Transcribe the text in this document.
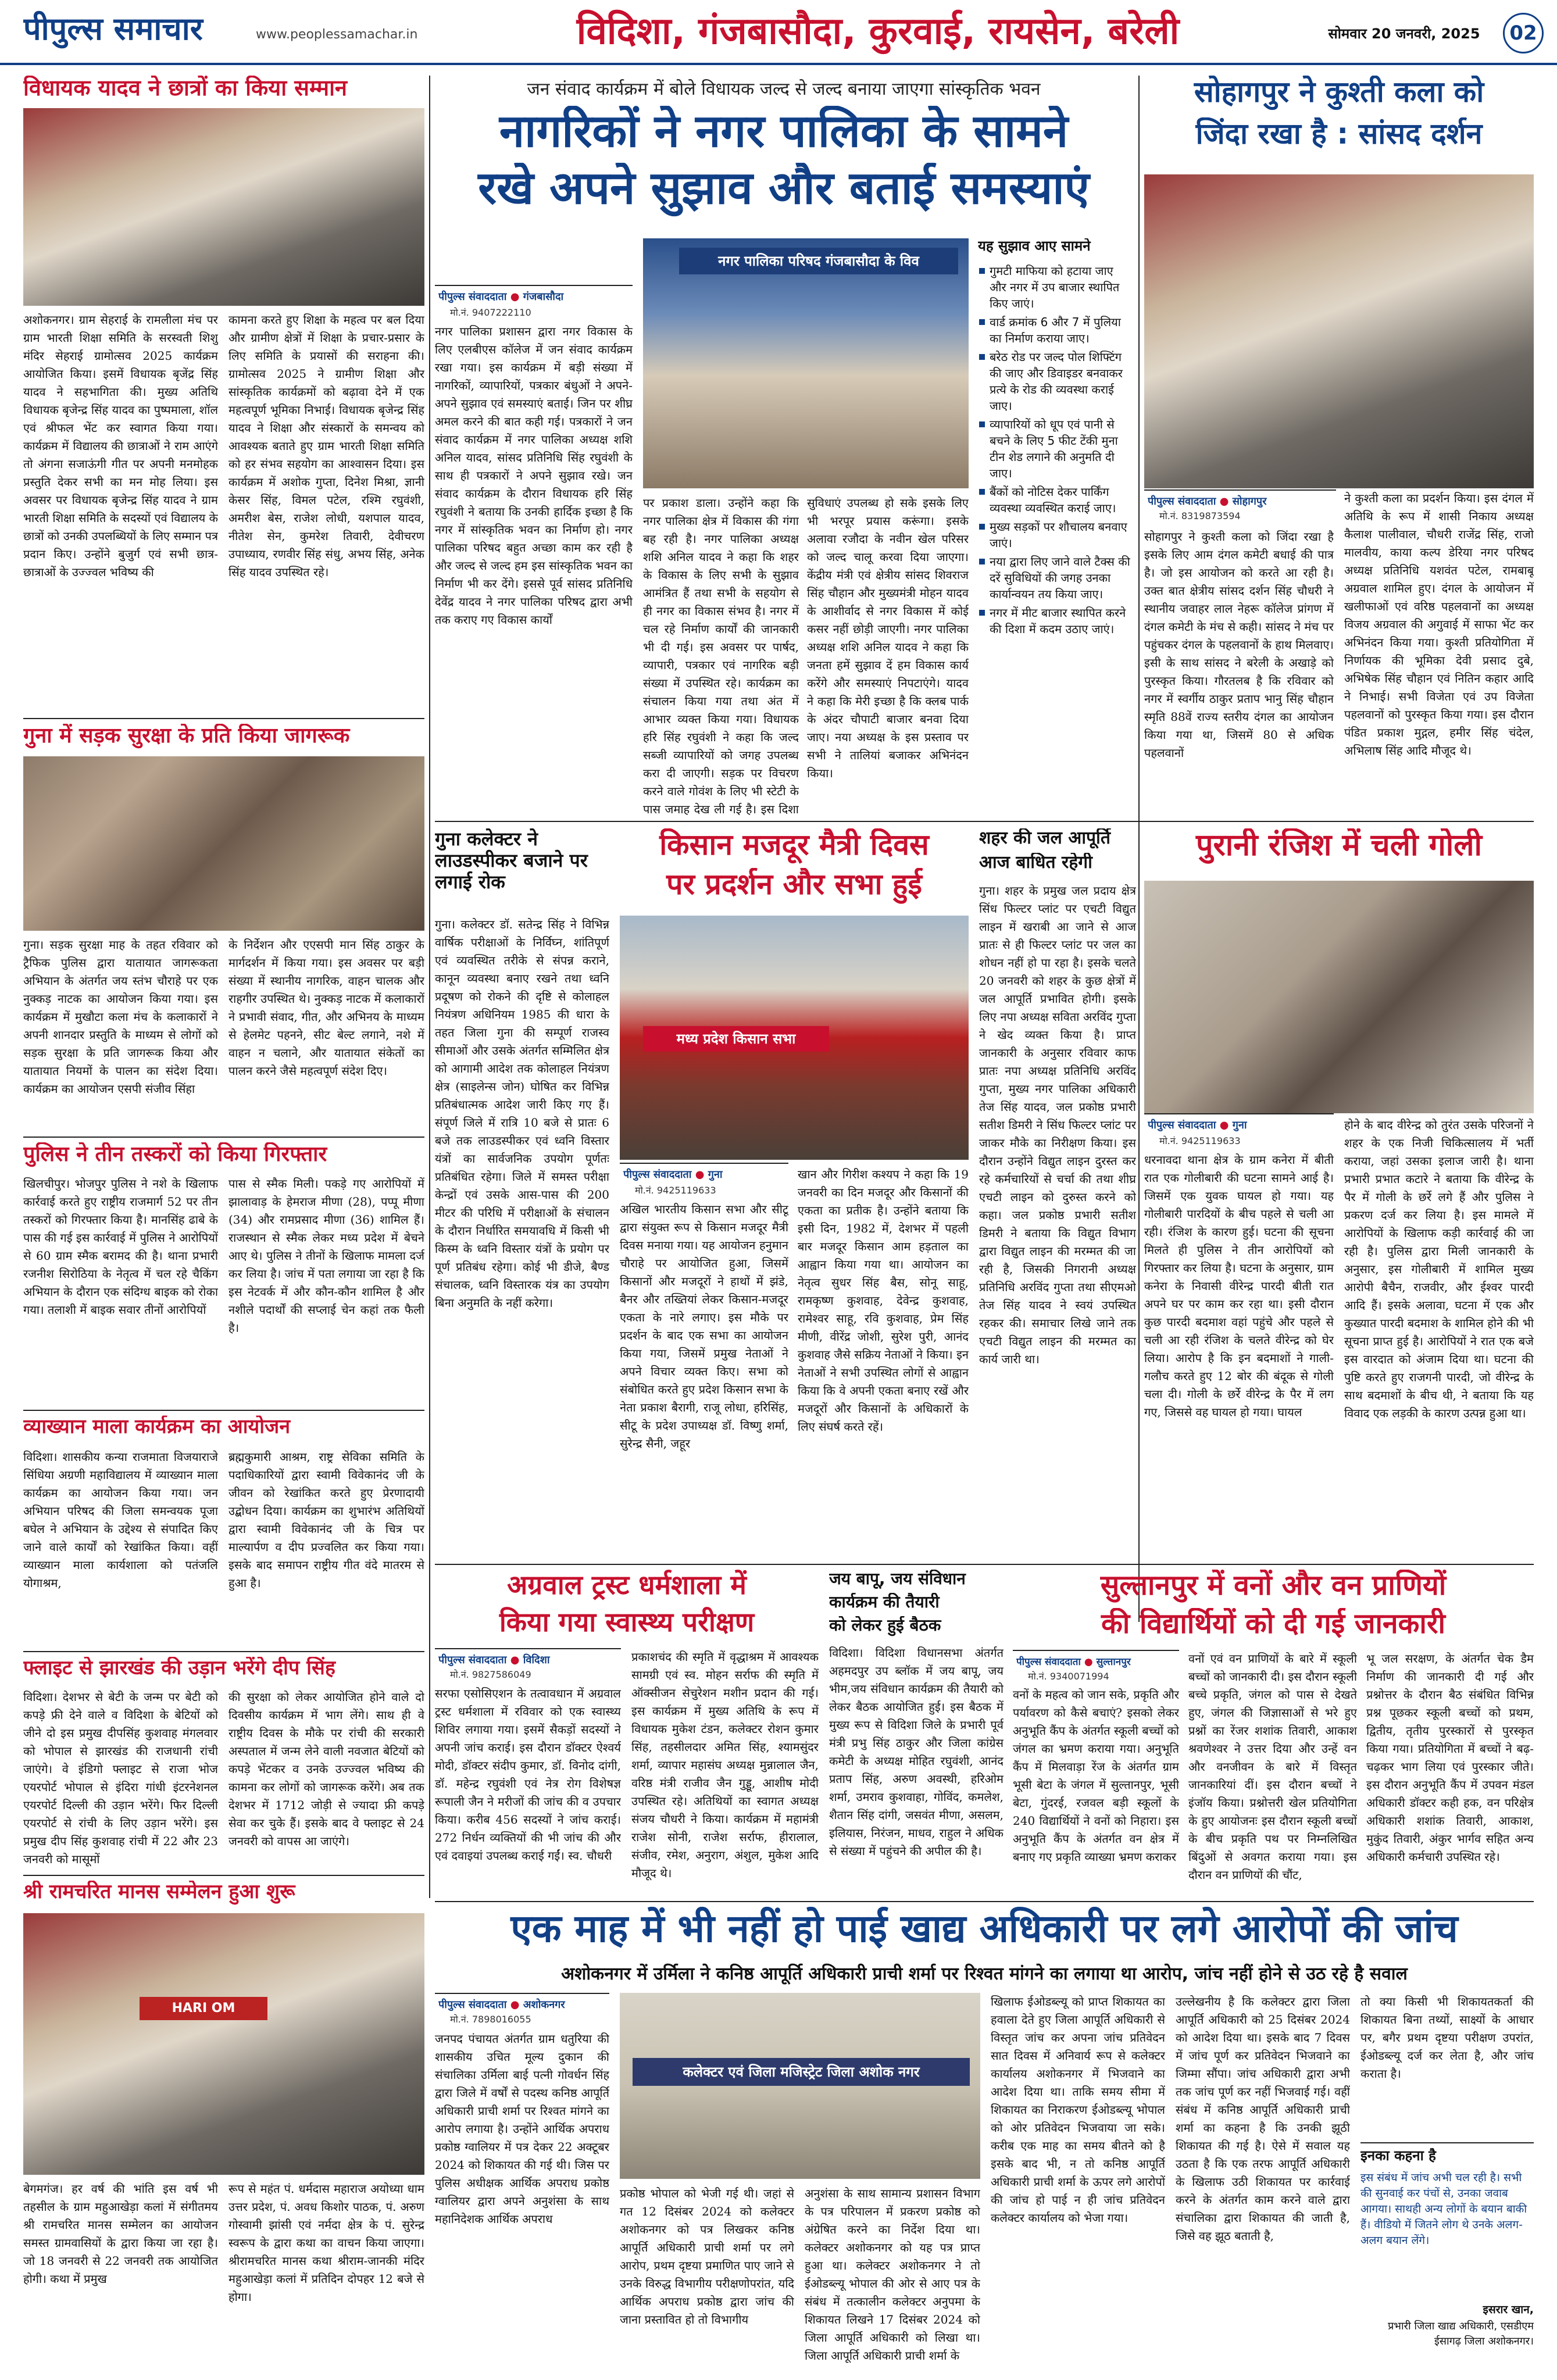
पीपुल्स समाचार	www.peoplessamachar.in	विदिशा, गंजबासौदा, कुरवाई, रायसेन, बरेली	सोमवार 20 जनवरी, 2025	02
विधायक यादव ने छात्रों का किया सम्मान

अशोकनगर। ग्राम सेहराई के रामलीला मंच पर ग्राम भारती शिक्षा समिति के सरस्वती शिशु मंदिर सेहराई ग्रामोत्सव 2025 कार्यक्रम आयोजित किया। इसमें विधायक बृजेंद्र सिंह यादव ने सहभागिता की। मुख्य अतिथि विधायक बृजेन्द्र सिंह यादव का पुष्पमाला, शॉल एवं श्रीफल भेंट कर स्वागत किया गया। कार्यक्रम में विद्यालय की छात्राओं ने राम आएंगे तो अंगना सजाऊंगी गीत पर अपनी मनमोहक प्रस्तुति देकर सभी का मन मोह लिया। इस अवसर पर विधायक बृजेन्द्र सिंह यादव ने ग्राम भारती शिक्षा समिति के सदस्यों एवं विद्यालय के छात्रों को उनकी उपलब्धियों के लिए सम्मान पत्र प्रदान किए। उन्होंने बुजुर्ग एवं सभी छात्र-छात्राओं के उज्ज्वल भविष्य की

कामना करते हुए शिक्षा के महत्व पर बल दिया और ग्रामीण क्षेत्रों में शिक्षा के प्रचार-प्रसार के लिए समिति के प्रयासों की सराहना की। ग्रामोत्सव 2025 ने ग्रामीण शिक्षा और सांस्कृतिक कार्यक्रमों को बढ़ावा देने में एक महत्वपूर्ण भूमिका निभाई। विधायक बृजेन्द्र सिंह यादव ने शिक्षा और संस्कारों के समन्वय को आवश्यक बताते हुए ग्राम भारती शिक्षा समिति को हर संभव सहयोग का आश्वासन दिया। इस कार्यक्रम में अशोक गुप्ता, दिनेश मिश्रा, ज्ञानी केसर सिंह, विमल पटेल, रश्मि रघुवंशी, अमरीश बेस, राजेश लोधी, यशपाल यादव, नीतेश सेन, कुमरेश तिवारी, देवीचरण उपाध्याय, रणवीर सिंह संधु, अभय सिंह, अनेक सिंह यादव उपस्थित रहे।

गुना में सड़क सुरक्षा के प्रति किया जागरूक

गुना। सड़क सुरक्षा माह के तहत रविवार को ट्रैफिक पुलिस द्वारा यातायात जागरूकता अभियान के अंतर्गत जय स्तंभ चौराहे पर एक नुक्कड़ नाटक का आयोजन किया गया। इस कार्यक्रम में मुखौटा कला मंच के कलाकारों ने अपनी शानदार प्रस्तुति के माध्यम से लोगों को सड़क सुरक्षा के प्रति जागरूक किया और यातायात नियमों के पालन का संदेश दिया। कार्यक्रम का आयोजन एसपी संजीव सिंहा

के निर्देशन और एएसपी मान सिंह ठाकुर के मार्गदर्शन में किया गया। इस अवसर पर बड़ी संख्या में स्थानीय नागरिक, वाहन चालक और राहगीर उपस्थित थे। नुक्कड़ नाटक में कलाकारों ने प्रभावी संवाद, गीत, और अभिनय के माध्यम से हेलमेट पहनने, सीट बेल्ट लगाने, नशे में वाहन न चलाने, और यातायात संकेतों का पालन करने जैसे महत्वपूर्ण संदेश दिए।

पुलिस ने तीन तस्करों को किया गिरफ्तार

खिलचीपुर। भोजपुर पुलिस ने नशे के खिलाफ कार्रवाई करते हुए राष्ट्रीय राजमार्ग 52 पर तीन तस्करों को गिरफ्तार किया है। मानसिंह ढाबे के पास की गई इस कार्रवाई में पुलिस ने आरोपियों से 60 ग्राम स्मैक बरामद की है। थाना प्रभारी रजनीश सिरोठिया के नेतृत्व में चल रहे चैकिंग अभियान के दौरान एक संदिग्ध बाइक को रोका गया। तलाशी में बाइक सवार तीनों आरोपियों

पास से स्मैक मिली। पकड़े गए आरोपियों में झालावाड़ के हेमराज मीणा (28), पप्पू मीणा (34) और रामप्रसाद मीणा (36) शामिल हैं। राजस्थान से स्मैक लेकर मध्य प्रदेश में बेचने आए थे। पुलिस ने तीनों के खिलाफ मामला दर्ज कर लिया है। जांच में पता लगाया जा रहा है कि इस नेटवर्क में और कौन-कौन शामिल है और नशीले पदार्थों की सप्लाई चेन कहां तक फैली है।

व्याख्यान माला कार्यक्रम का आयोजन

विदिशा। शासकीय कन्या राजमाता विजयाराजे सिंधिया अग्रणी महाविद्यालय में व्याख्यान माला कार्यक्रम का आयोजन किया गया। जन अभियान परिषद की जिला समन्वयक पूजा बघेल ने अभियान के उद्देश्य से संपादित किए जाने वाले कार्यों को रेखांकित किया। वहीं व्याख्यान माला कार्यशाला को पतंजलि योगाश्रम,

ब्रह्मकुमारी आश्रम, राष्ट्र सेविका समिति के पदाधिकारियों द्वारा स्वामी विवेकानंद जी के जीवन को रेखांकित करते हुए प्रेरणादायी उद्बोधन दिया। कार्यक्रम का शुभारंभ अतिथियों द्वारा स्वामी विवेकानंद जी के चित्र पर माल्यार्पण व दीप प्रज्वलित कर किया गया। इसके बाद समापन राष्ट्रीय गीत वंदे मातरम से हुआ है।

फ्लाइट से झारखंड की उड़ान भरेंगे दीप सिंह

विदिशा। देशभर से बेटी के जन्म पर बेटी को कपड़े फ्री देने वाले व विदिशा के बेटियों को जीने दो इस प्रमुख दीपसिंह कुशवाह मंगलवार को भोपाल से झारखंड की राजधानी रांची जाएंगे। वे इंडिगो फ्लाइट से राजा भोज एयरपोर्ट भोपाल से इंदिरा गांधी इंटरनेशनल एयरपोर्ट दिल्ली की उड़ान भरेंगे। फिर दिल्ली एयरपोर्ट से रांची के लिए उड़ान भरेंगे। इस प्रमुख दीप सिंह कुशवाह रांची में 22 और 23 जनवरी को मासूमों

की सुरक्षा को लेकर आयोजित होने वाले दो दिवसीय कार्यक्रम में भाग लेंगे। साथ ही वे राष्ट्रीय दिवस के मौके पर रांची की सरकारी अस्पताल में जन्म लेने वाली नवजात बेटियों को कपड़े भेंटकर व उनके उज्ज्वल भविष्य की कामना कर लोगों को जागरूक करेंगे। अब तक देशभर में 1712 जोड़ी से ज्यादा फ्री कपड़े सेवा कर चुके हैं। इसके बाद वे फ्लाइट से 24 जनवरी को वापस आ जाएंगे।

श्री रामचरित मानस सम्मेलन हुआ शुरू
HARI OM

बेगमगंज। हर वर्ष की भांति इस वर्ष भी तहसील के ग्राम महुआखेड़ा कलां में संगीतमय श्री रामचरित मानस सम्मेलन का आयोजन समस्त ग्रामवासियों के द्वारा किया जा रहा है। जो 18 जनवरी से 22 जनवरी तक आयोजित होगी। कथा में प्रमुख

रूप से महंत पं. धर्मदास महाराज अयोध्या धाम उत्तर प्रदेश, पं. अवध किशोर पाठक, पं. अरुण गोस्वामी झांसी एवं नर्मदा क्षेत्र के पं. सुरेन्द्र स्वरूप के द्वारा कथा का वाचन किया जाएगा। श्रीरामचरित मानस कथा श्रीराम-जानकी मंदिर महुआखेड़ा कलां में प्रतिदिन दोपहर 12 बजे से होगा।

जन संवाद कार्यक्रम में बोले विधायक जल्द से जल्द बनाया जाएगा सांस्कृतिक भवन
नागरिकों ने नगर पालिका के सामने
रखे अपने सुझाव और बताई समस्याएं
पीपुल्स संवाददाता ● गंजबासौदा
मो.नं. 9407222110

नगर पालिका प्रशासन द्वारा नगर विकास के लिए एलबीएस कॉलेज में जन संवाद कार्यक्रम रखा गया। इस कार्यक्रम में बड़ी संख्या में नागरिकों, व्यापारियों, पत्रकार बंधुओं ने अपने-अपने सुझाव एवं समस्याएं बताई। जिन पर शीघ्र अमल करने की बात कही गई। पत्रकारों ने जन संवाद कार्यक्रम में नगर पालिका अध्यक्ष शशि अनिल यादव, सांसद प्रतिनिधि सिंह रघुवंशी के साथ ही पत्रकारों ने अपने सुझाव रखे। जन संवाद कार्यक्रम के दौरान विधायक हरि सिंह रघुवंशी ने बताया कि उनकी हार्दिक इच्छा है कि नगर में सांस्कृतिक भवन का निर्माण हो। नगर पालिका परिषद बहुत अच्छा काम कर रही है और जल्द से जल्द हम इस सांस्कृतिक भवन का निर्माण भी कर देंगे। इससे पूर्व सांसद प्रतिनिधि देवेंद्र यादव ने नगर पालिका परिषद द्वारा अभी तक कराए गए विकास कार्यों

नगर पालिका परिषद गंजबासौदा के विव

पर प्रकाश डाला। उन्होंने कहा कि नगर पालिका क्षेत्र में विकास की गंगा बह रही है। नगर पालिका अध्यक्ष शशि अनिल यादव ने कहा कि शहर के विकास के लिए सभी के सुझाव आमंत्रित हैं तथा सभी के सहयोग से ही नगर का विकास संभव है। नगर में चल रहे निर्माण कार्यों की जानकारी भी दी गई। इस अवसर पर पार्षद, व्यापारी, पत्रकार एवं नागरिक बड़ी संख्या में उपस्थित रहे। कार्यक्रम का संचालन किया गया तथा अंत में आभार व्यक्त किया गया। विधायक हरि सिंह रघुवंशी ने कहा कि जल्द सब्जी व्यापारियों को जगह उपलब्ध करा दी जाएगी। सड़क पर विचरण करने वाले गोवंश के लिए भी स्टेटी के पास जमाह देख ली गई है। इस दिशा

सुविधाएं उपलब्ध हो सके इसके लिए भी भरपूर प्रयास करूंगा। इसके अलावा रजौदा के नवीन खेल परिसर को जल्द चालू करवा दिया जाएगा। केंद्रीय मंत्री एवं क्षेत्रीय सांसद शिवराज सिंह चौहान और मुख्यमंत्री मोहन यादव के आशीर्वाद से नगर विकास में कोई कसर नहीं छोड़ी जाएगी। नगर पालिका अध्यक्ष शशि अनिल यादव ने कहा कि जनता हमें सुझाव दें हम विकास कार्य करेंगे और समस्याएं निपटाएंगे। यादव ने कहा कि मेरी इच्छा है कि क्लब पार्क के अंदर चौपाटी बाजार बनवा दिया जाए। नया अध्यक्ष के इस प्रस्ताव पर सभी ने तालियां बजाकर अभिनंदन किया।

यह सुझाव आए सामने
गुमटी माफिया को हटाया जाए और नगर में उप बाजार स्थापित किए जाएं।
वार्ड क्रमांक 6 और 7 में पुलिया का निर्माण कराया जाए।
बरेठ रोड पर जल्द पोल शिफ्टिंग की जाए और डिवाइडर बनवाकर प्रत्ये के रोड की व्यवस्था कराई जाए।
व्यापारियों को धूप एवं पानी से बचने के लिए 5 फीट टेंकी मुना टीन शेड लगाने की अनुमति दी जाए।
बैंकों को नोटिस देकर पार्किंग व्यवस्था व्यवस्थित कराई जाए।
मुख्य सड़कों पर शौचालय बनवाए जाएं।
नया द्वारा लिए जाने वाले टैक्स की दरें सुविधियों की जगह उनका कार्यान्वयन तय किया जाए।
नगर में मीट बाजार स्थापित करने की दिशा में कदम उठाए जाएं।
सोहागपुर ने कुश्ती कला को
जिंदा रखा है : सांसद दर्शन
पीपुल्स संवाददाता ● सोहागपुर
मो.नं. 8319873594

सोहागपुर ने कुश्ती कला को जिंदा रखा है इसके लिए आम दंगल कमेटी बधाई की पात्र है। जो इस आयोजन को करते आ रही है। उक्त बात क्षेत्रीय सांसद दर्शन सिंह चौधरी ने स्थानीय जवाहर लाल नेहरू कॉलेज प्रांगण में दंगल कमेटी के मंच से कही। सांसद ने मंच पर पहुंचकर दंगल के पहलवानों के हाथ मिलवाए। इसी के साथ सांसद ने बरेली के अखाड़े को पुरस्कृत किया। गौरतलब है कि रविवार को नगर में स्वर्गीय ठाकुर प्रताप भानु सिंह चौहान स्मृति 88वें राज्य स्तरीय दंगल का आयोजन किया गया था, जिसमें 80 से अधिक पहलवानों

ने कुश्ती कला का प्रदर्शन किया। इस दंगल में अतिथि के रूप में शासी निकाय अध्यक्ष कैलाश पालीवाल, चौधरी राजेंद्र सिंह, राजो मालवीय, काया कल्प डेरिया नगर परिषद अध्यक्ष प्रतिनिधि यशवंत पटेल, रामबाबू अग्रवाल शामिल हुए। दंगल के आयोजन में खलीफाओं एवं वरिष्ठ पहलवानों का अध्यक्ष विजय अग्रवाल की अगुवाई में साफा भेंट कर अभिनंदन किया गया। कुश्ती प्रतियोगिता में निर्णायक की भूमिका देवी प्रसाद दुबे, अभिषेक सिंह चौहान एवं नितिन कहार आदि ने निभाई। सभी विजेता एवं उप विजेता पहलवानों को पुरस्कृत किया गया। इस दौरान पंडित प्रकाश मुद्गल, हमीर सिंह चंदेल, अभिलाष सिंह आदि मौजूद थे।

गुना कलेक्टर ने लाउडस्पीकर बजाने पर लगाई रोक

गुना। कलेक्टर डॉ. सतेन्द्र सिंह ने विभिन्न वार्षिक परीक्षाओं के निर्विघ्न, शांतिपूर्ण एवं व्यवस्थित तरीके से संपन्न कराने, कानून व्यवस्था बनाए रखने तथा ध्वनि प्रदूषण को रोकने की दृष्टि से कोलाहल नियंत्रण अधिनियम 1985 की धारा के तहत जिला गुना की सम्पूर्ण राजस्व सीमाओं और उसके अंतर्गत सम्मिलित क्षेत्र को आगामी आदेश तक कोलाहल नियंत्रण क्षेत्र (साइलेन्स जोन) घोषित कर विभिन्न प्रतिबंधात्मक आदेश जारी किए गए हैं। संपूर्ण जिले में रात्रि 10 बजे से प्रातः 6 बजे तक लाउडस्पीकर एवं ध्वनि विस्तार यंत्रों का सार्वजनिक उपयोग पूर्णतः प्रतिबंधित रहेगा। जिले में समस्त परीक्षा केन्द्रों एवं उसके आस-पास की 200 मीटर की परिधि में परीक्षाओं के संचालन के दौरान निर्धारित समयावधि में किसी भी किस्म के ध्वनि विस्तार यंत्रों के प्रयोग पर पूर्ण प्रतिबंध रहेगा। कोई भी डीजे, बैण्ड संचालक, ध्वनि विस्तारक यंत्र का उपयोग बिना अनुमति के नहीं करेगा।

किसान मजदूर मैत्री दिवस
पर प्रदर्शन और सभा हुई
मध्य प्रदेश किसान सभा
पीपुल्स संवाददाता ● गुना
मो.नं. 9425119633

अखिल भारतीय किसान सभा और सीटू द्वारा संयुक्त रूप से किसान मजदूर मैत्री दिवस मनाया गया। यह आयोजन हनुमान चौराहे पर आयोजित हुआ, जिसमें किसानों और मजदूरों ने हाथों में झंडे, बैनर और तख्तियां लेकर किसान-मजदूर एकता के नारे लगाए। इस मौके पर प्रदर्शन के बाद एक सभा का आयोजन किया गया, जिसमें प्रमुख नेताओं ने अपने विचार व्यक्त किए। सभा को संबोधित करते हुए प्रदेश किसान सभा के नेता प्रकाश बैरागी, राजू लोधा, हरिसिंह, सीटू के प्रदेश उपाध्यक्ष डॉ. विष्णु शर्मा, सुरेन्द्र सैनी, जहूर

खान और गिरीश कश्यप ने कहा कि 19 जनवरी का दिन मजदूर और किसानों की एकता का प्रतीक है। उन्होंने बताया कि इसी दिन, 1982 में, देशभर में पहली बार मजदूर किसान आम हड़ताल का आह्वान किया गया था। आयोजन का नेतृत्व सुधर सिंह बैस, सोनू साहू, रामकृष्ण कुशवाह, देवेन्द्र कुशवाह, रामेश्वर साहू, रवि कुशवाह, प्रेम सिंह मीणी, वीरेंद्र जोशी, सुरेश पुरी, आनंद कुशवाह जैसे सक्रिय नेताओं ने किया। इन नेताओं ने सभी उपस्थित लोगों से आह्वान किया कि वे अपनी एकता बनाए रखें और मजदूरों और किसानों के अधिकारों के लिए संघर्ष करते रहें।

शहर की जल आपूर्ति
आज बाधित रहेगी

गुना। शहर के प्रमुख जल प्रदाय क्षेत्र सिंध फिल्टर प्लांट पर एचटी विद्युत लाइन में खराबी आ जाने से आज प्रातः से ही फिल्टर प्लांट पर जल का शोधन नहीं हो पा रहा है। इसके चलते 20 जनवरी को शहर के कुछ क्षेत्रों में जल आपूर्ति प्रभावित होगी। इसके लिए नपा अध्यक्ष सविता अरविंद गुप्ता ने खेद व्यक्त किया है। प्राप्त जानकारी के अनुसार रविवार काफ प्रातः नपा अध्यक्ष प्रतिनिधि अरविंद गुप्ता, मुख्य नगर पालिका अधिकारी तेज सिंह यादव, जल प्रकोष्ठ प्रभारी सतीश डिमरी ने सिंध फिल्टर प्लांट पर जाकर मौके का निरीक्षण किया। इस दौरान उन्होंने विद्युत लाइन दुरस्त कर रहे कर्मचारियों से चर्चा की तथा शीघ्र एचटी लाइन को दुरुस्त करने को कहा। जल प्रकोष्ठ प्रभारी सतीश डिमरी ने बताया कि विद्युत विभाग द्वारा विद्युत लाइन की मरम्मत की जा रही है, जिसकी निगरानी अध्यक्ष प्रतिनिधि अरविंद गुप्ता तथा सीएमओ तेज सिंह यादव ने स्वयं उपस्थित रहकर की। समाचार लिखे जाने तक एचटी विद्युत लाइन की मरम्मत का कार्य जारी था।

पुरानी रंजिश में चली गोली
पीपुल्स संवाददाता ● गुना
मो.नं. 9425119633

धरनावदा थाना क्षेत्र के ग्राम कनेरा में बीती रात एक गोलीबारी की घटना सामने आई है। जिसमें एक युवक घायल हो गया। यह गोलीबारी पारदियों के बीच पहले से चली आ रही। रंजिश के कारण हुई। घटना की सूचना मिलते ही पुलिस ने तीन आरोपियों को गिरफ्तार कर लिया है। घटना के अनुसार, ग्राम कनेरा के निवासी वीरेन्द्र पारदी बीती रात अपने घर पर काम कर रहा था। इसी दौरान कुछ पारदी बदमाश वहां पहुंचे और पहले से चली आ रही रंजिश के चलते वीरेन्द्र को घेर लिया। आरोप है कि इन बदमाशों ने गाली-गलौच करते हुए 12 बोर की बंदूक से गोली चला दी। गोली के छर्रे वीरेन्द्र के पैर में लग गए, जिससे वह घायल हो गया। घायल

होने के बाद वीरेन्द्र को तुरंत उसके परिजनों ने शहर के एक निजी चिकित्सालय में भर्ती कराया, जहां उसका इलाज जारी है। थाना प्रभारी प्रभात कटारे ने बताया कि वीरेन्द्र के पैर में गोली के छर्रे लगे हैं और पुलिस ने प्रकरण दर्ज कर लिया है। इस मामले में आरोपियों के खिलाफ कड़ी कार्रवाई की जा रही है। पुलिस द्वारा मिली जानकारी के अनुसार, इस गोलीबारी में शामिल मुख्य आरोपी बैचैन, राजवीर, और ईश्वर पारदी आदि हैं। इसके अलावा, घटना में एक और कुख्यात पारदी बदमाश के शामिल होने की भी सूचना प्राप्त हुई है। आरोपियों ने रात एक बजे इस वारदात को अंजाम दिया था। घटना की पुष्टि करते हुए राजगनी पारदी, जो वीरेन्द्र के साथ बदमाशों के बीच थी, ने बताया कि यह विवाद एक लड़की के कारण उत्पन्न हुआ था।

अग्रवाल ट्रस्ट धर्मशाला में
किया गया स्वास्थ्य परीक्षण
पीपुल्स संवाददाता ● विदिशा
मो.नं. 9827586049

सरफा एसोसिएशन के तत्वावधान में अग्रवाल ट्रस्ट धर्मशाला में रविवार को एक स्वास्थ्य शिविर लगाया गया। इसमें सैकड़ों सदस्यों ने अपनी जांच कराई। इस दौरान डॉक्टर ऐश्वर्य मोदी, डॉक्टर संदीप कुमार, डॉ. विनोद दांगी, डॉ. महेन्द्र रघुवंशी एवं नेत्र रोग विशेषज्ञ रूपाली जैन ने मरीजों की जांच की व उपचार किया। करीब 456 सदस्यों ने जांच कराई। 272 निर्धन व्यक्तियों की भी जांच की और एवं दवाइयां उपलब्ध कराई गईं। स्व. चौधरी

प्रकाशचंद की स्मृति में वृद्धाश्रम में आवश्यक सामग्री एवं स्व. मोहन सर्राफ की स्मृति में ऑक्सीजन सेचुरेशन मशीन प्रदान की गई। इस कार्यक्रम में मुख्य अतिथि के रूप में विधायक मुकेश टंडन, कलेक्टर रोशन कुमार सिंह, तहसीलदार अमित सिंह, श्यामसुंदर शर्मा, व्यापार महासंघ अध्यक्ष मुन्नालाल जैन, वरिष्ठ मंत्री राजीव जैन गुड्डू, आशीष मोदी उपस्थित रहे। अतिथियों का स्वागत अध्यक्ष संजय चौधरी ने किया। कार्यक्रम में महामंत्री राजेश सोनी, राजेश सर्राफ, हीरालाल, संजीव, रमेश, अनुराग, अंशुल, मुकेश आदि मौजूद थे।

जय बापू, जय संविधान
कार्यक्रम की तैयारी
को लेकर हुई बैठक

विदिशा। विदिशा विधानसभा अंतर्गत अहमदपुर उप ब्लॉक में जय बापू, जय भीम,जय संविधान कार्यक्रम की तैयारी को लेकर बैठक आयोजित हुई। इस बैठक में मुख्य रूप से विदिशा जिले के प्रभारी पूर्व मंत्री प्रभु सिंह ठाकुर और जिला कांग्रेस कमेटी के अध्यक्ष मोहित रघुवंशी, आनंद प्रताप सिंह, अरुण अवस्थी, हरिओम शर्मा, उमराव कुशवाहा, गोविंद, कमलेश, शैतान सिंह दांगी, जसवंत मीणा, असलम, इलियास, निरंजन, माधव, राहुल ने अधिक से संख्या में पहुंचने की अपील की है।

सुल्तानपुर में वनों और वन प्राणियों
की विद्यार्थियों को दी गई जानकारी
पीपुल्स संवाददाता ● सुल्तानपुर
मो.नं. 9340071994

वनों के महत्व को जान सके, प्रकृति और पर्यावरण को कैसे बचाएं? इसको लेकर अनुभूति कैंप के अंतर्गत स्कूली बच्चों को जंगल का भ्रमण कराया गया। अनुभूति कैंप में मिलवाड़ा रेंज के अंतर्गत ग्राम भूसी बेटा के जंगल में सुल्तानपुर, भूसी बेटा, गुंदरई, रजवल बड़ी स्कूलों के 240 विद्यार्थियों ने वनों को निहारा। इस अनुभूति कैंप के अंतर्गत वन क्षेत्र में बनाए गए प्रकृति व्याख्या भ्रमण कराकर

वनों एवं वन प्राणियों के बारे में स्कूली बच्चों को जानकारी दी। इस दौरान स्कूली बच्चे प्रकृति, जंगल को पास से देखते हुए, जंगल की जिज्ञासाओं से भरे हुए प्रश्नों का रेंजर शशांक तिवारी, आकाश श्रवणेश्वर ने उत्तर दिया और उन्हें वन और वनजीवन के बारे में विस्तृत जानकारियां दीं। इस दौरान बच्चों ने इंजॉय किया। प्रश्नोत्तरी खेल प्रतियोगिता के हुए आयोजनः इस दौरान स्कूली बच्चों के बीच प्रकृति पथ पर निम्नलिखित बिंदुओं से अवगत कराया गया। इस दौरान वन प्राणियों की चौंट,

भू जल सरक्षण, के अंतर्गत चेक डैम निर्माण की जानकारी दी गई और प्रश्नोत्तर के दौरान बैठ संबंधित विभिन्न प्रश्न पूछकर स्कूली बच्चों को प्रथम, द्वितीय, तृतीय पुरस्कारों से पुरस्कृत किया गया। प्रतियोगिता में बच्चों ने बढ़-चढ़कर भाग लिया एवं पुरस्कार जीते। इस दौरान अनुभूति कैंप में उपवन मंडल अधिकारी डॉक्टर कही हक, वन परिक्षेत्र अधिकारी शशांक तिवारी, आकाश, मुकुंद तिवारी, अंकुर भार्गव सहित अन्य अधिकारी कर्मचारी उपस्थित रहे।

एक माह में भी नहीं हो पाई खाद्य अधिकारी पर लगे आरोपों की जांच
अशोकनगर में उर्मिला ने कनिष्ठ आपूर्ति अधिकारी प्राची शर्मा पर रिश्वत मांगने का लगाया था आरोप, जांच नहीं होने से उठ रहे है सवाल
पीपुल्स संवाददाता ● अशोकनगर
मो.नं. 7898016055

जनपद पंचायत अंतर्गत ग्राम धतुरिया की शासकीय उचित मूल्य दुकान की संचालिका उर्मिला बाई पत्नी गोवर्धन सिंह द्वारा जिले में वर्षों से पदस्थ कनिष्ठ आपूर्ति अधिकारी प्राची शर्मा पर रिश्वत मांगने का आरोप लगाया है। उन्होंने आर्थिक अपराध प्रकोष्ठ ग्वालियर में पत्र देकर 22 अक्टूबर 2024 को शिकायत की गई थी। जिस पर पुलिस अधीक्षक आर्थिक अपराध प्रकोष्ठ ग्वालियर द्वारा अपने अनुशंसा के साथ महानिदेशक आर्थिक अपराध

कलेक्टर एवं जिला मजिस्ट्रेट जिला अशोक नगर

प्रकोष्ठ भोपाल को भेजी गई थी। जहां से गत 12 दिसंबर 2024 को कलेक्टर अशोकनगर को पत्र लिखकर कनिष्ठ आपूर्ति अधिकारी प्राची शर्मा पर लगे आरोप, प्रथम दृष्टया प्रमाणित पाए जाने से उनके विरुद्ध विभागीय परीक्षणोपरांत, यदि आर्थिक अपराध प्रकोष्ठ द्वारा जांच की जाना प्रस्तावित हो तो विभागीय

अनुशंसा के साथ सामान्य प्रशासन विभाग के पत्र परिपालन में प्रकरण प्रकोष्ठ को अंग्रेषित करने का निर्देश दिया था। कलेक्टर अशोकनगर को यह पत्र प्राप्त हुआ था। कलेक्टर अशोकनगर ने तो ईओडब्ल्यू भोपाल की ओर से आए पत्र के संबंध में तत्कालीन कलेक्टर अनुपमा के शिकायत लिखने 17 दिसंबर 2024 को जिला आपूर्ति अधिकारी को लिखा था। जिला आपूर्ति अधिकारी प्राची शर्मा के

खिलाफ ईओडब्ल्यू को प्राप्त शिकायत का हवाला देते हुए जिला आपूर्ति अधिकारी से विस्तृत जांच कर अपना जांच प्रतिवेदन सात दिवस में अनिवार्य रूप से कलेक्टर कार्यालय अशोकनगर में भिजवाने का आदेश दिया था। ताकि समय सीमा में शिकायत का निराकरण ईओडब्ल्यू भोपाल को ओर प्रतिवेदन भिजवाया जा सके। करीब एक माह का समय बीतने को है इसके बाद भी, न तो कनिष्ठ आपूर्ति अधिकारी प्राची शर्मा के ऊपर लगे आरोपों की जांच हो पाई न ही जांच प्रतिवेदन कलेक्टर कार्यालय को भेजा गया।

उल्लेखनीय है कि कलेक्टर द्वारा जिला आपूर्ति अधिकारी को 25 दिसंबर 2024 को आदेश दिया था। इसके बाद 7 दिवस में जांच पूर्ण कर प्रतिवेदन भिजवाने का जिम्मा सौंपा। जांच अधिकारी द्वारा अभी तक जांच पूर्ण कर नहीं भिजवाई गई। वहीं संबंध में कनिष्ठ आपूर्ति अधिकारी प्राची शर्मा का कहना है कि उनकी झूठी शिकायत की गई है। ऐसे में सवाल यह उठता है कि एक तरफ आपूर्ति अधिकारी के खिलाफ उठी शिकायत पर कार्रवाई करने के अंतर्गत काम करने वाले द्वारा संचालिका द्वारा शिकायत की जाती है, जिसे वह झूठ बताती है,

तो क्या किसी भी शिकायतकर्ता की शिकायत बिना तथ्यों, साक्ष्यों के आधार पर, बगैर प्रथम दृष्टया परीक्षण उपरांत, ईओडब्ल्यू दर्ज कर लेता है, और जांच कराता है।

इनका कहना है
इस संबंध में जांच अभी चल रही है। सभी की सुनवाई कर पंचों से, उनका जवाब आगया। साथही अन्य लोगों के बयान बाकी हैं। वीडियो में जितने लोग थे उनके अलग-अलग बयान लेंगे।
इसरार खान,
प्रभारी जिला खाद्य अधिकारी, एसडीएम ईसागढ़ जिला अशोकनगर।
